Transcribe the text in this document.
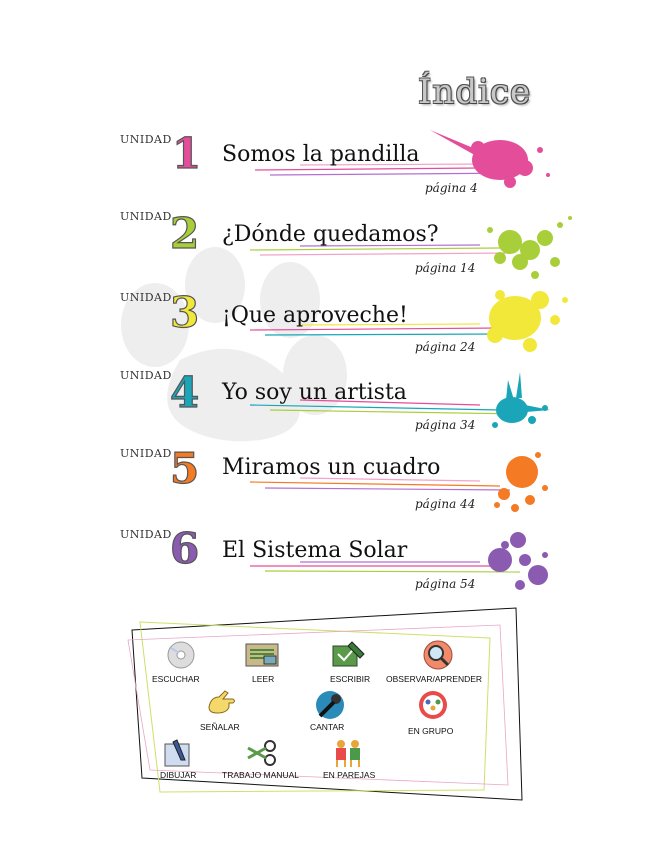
Índice
UNIDAD 1 Somos la pandilla
página 4
UNIDAD
2 ¿Dónde quedamos?
página 14
UNIDAD
3 ¡Que aproveche!
página 24
UNIDAD
4 Yo soy un artista
página 34
UNIDAD
5 Miramos un cuadro
página 44
UNIDAD
6 El Sistema Solar
página 54
ESCUCHAR	LEER	ESCRIBIR OBSERVAR/APRENDER
SEÑALAR	CANTAR	EN GRUPO
DIBUJAR	TRABAJO MANUAL	EN PAREJAS
